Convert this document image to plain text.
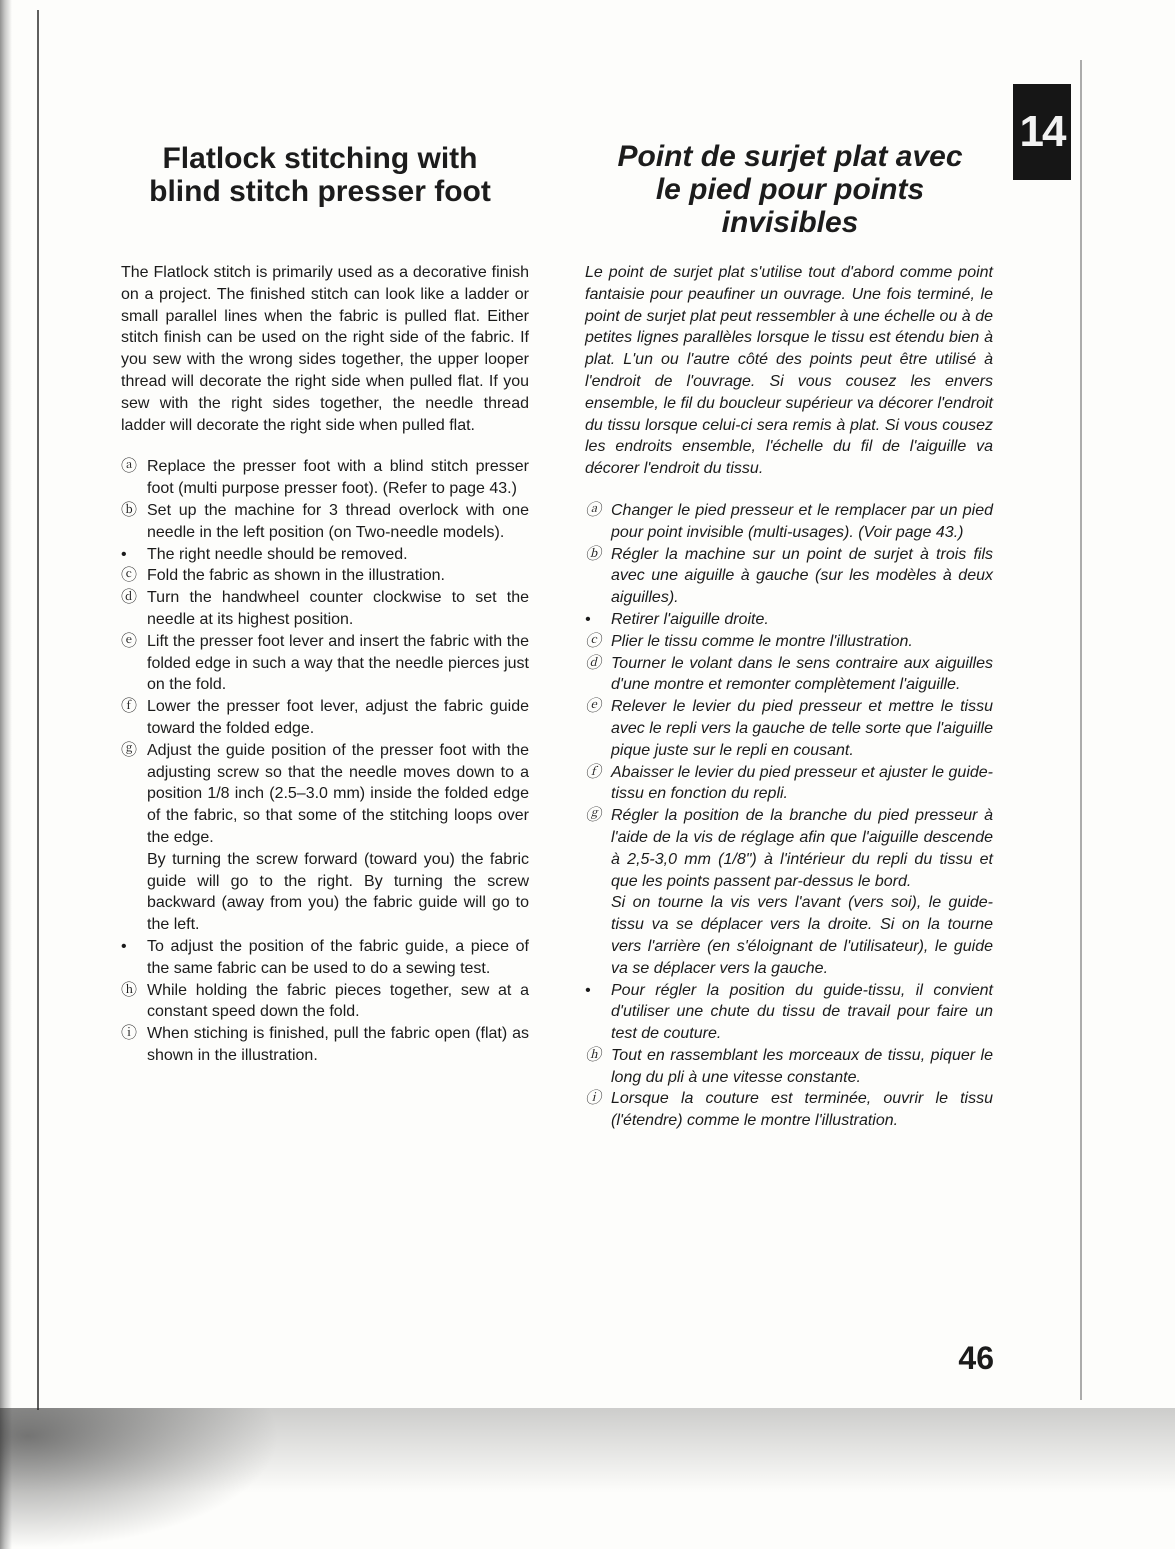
14
Flatlock stitching with
blind stitch presser foot
Point de surjet plat avec
le pied pour points
invisibles

The Flatlock stitch is primarily used as a decorative finish on a project. The finished stitch can look like a ladder or small parallel lines when the fabric is pulled flat. Either stitch finish can be used on the right side of the fabric. If you sew with the wrong sides together, the upper looper thread will decorate the right side when pulled flat. If you sew with the right sides together, the needle thread ladder will decorate the right side when pulled flat.

ⓐ Replace the presser foot with a blind stitch presser foot (multi purpose presser foot). (Refer to page 43.)
ⓑ Set up the machine for 3 thread overlock with one needle in the left position (on Two-needle models).
•	The right needle should be removed.
ⓒ Fold the fabric as shown in the illustration.
ⓓ Turn the handwheel counter clockwise to set the needle at its highest position.
ⓔ Lift the presser foot lever and insert the fabric with the folded edge in such a way that the needle pierces just on the fold.
ⓕ Lower the presser foot lever, adjust the fabric guide toward the folded edge.
ⓖ Adjust the guide position of the presser foot with the adjusting screw so that the needle moves down to a position 1/8 inch (2.5–3.0 mm) inside the folded edge of the fabric, so that some of the stitching loops over the edge.
By turning the screw forward (toward you) the fabric guide will go to the right. By turning the screw backward (away from you) the fabric guide will go to the left.
•	To adjust the position of the fabric guide, a piece of the same fabric can be used to do a sewing test.
ⓗ While holding the fabric pieces together, sew at a constant speed down the fold.
ⓘ When stiching is finished, pull the fabric open (flat) as shown in the illustration.

Le point de surjet plat s'utilise tout d'abord comme point fantaisie pour peaufiner un ouvrage. Une fois terminé, le point de surjet plat peut ressembler à une échelle ou à de petites lignes parallèles lorsque le tissu est étendu bien à plat. L'un ou l'autre côté des points peut être utilisé à l'endroit de l'ouvrage. Si vous cousez les envers ensemble, le fil du boucleur supérieur va décorer l'endroit du tissu lorsque celui-ci sera remis à plat. Si vous cousez les endroits ensemble, l'échelle du fil de l'aiguille va décorer l'endroit du tissu.

ⓐ Changer le pied presseur et le remplacer par un pied pour point invisible (multi-usages). (Voir page 43.)
ⓑ Régler la machine sur un point de surjet à trois fils avec une aiguille à gauche (sur les modèles à deux aiguilles).
•	Retirer l'aiguille droite.
ⓒ Plier le tissu comme le montre l'illustration.
ⓓ Tourner le volant dans le sens contraire aux aiguilles d'une montre et remonter complètement l'aiguille.
ⓔ Relever le levier du pied presseur et mettre le tissu avec le repli vers la gauche de telle sorte que l'aiguille pique juste sur le repli en cousant.
ⓕ Abaisser le levier du pied presseur et ajuster le guide-tissu en fonction du repli.
ⓖ Régler la position de la branche du pied presseur à l'aide de la vis de réglage afin que l'aiguille descende à 2,5-3,0 mm (1/8") à l'intérieur du repli du tissu et que les points passent par-dessus le bord.
Si on tourne la vis vers l'avant (vers soi), le guide-tissu va se déplacer vers la droite. Si on la tourne vers l'arrière (en s'éloignant de l'utilisateur), le guide va se déplacer vers la gauche.
•	Pour régler la position du guide-tissu, il convient d'utiliser une chute du tissu de travail pour faire un test de couture.
ⓗ Tout en rassemblant les morceaux de tissu, piquer le long du pli à une vitesse constante.
ⓘ Lorsque la couture est terminée, ouvrir le tissu (l'étendre) comme le montre l'illustration.
46
